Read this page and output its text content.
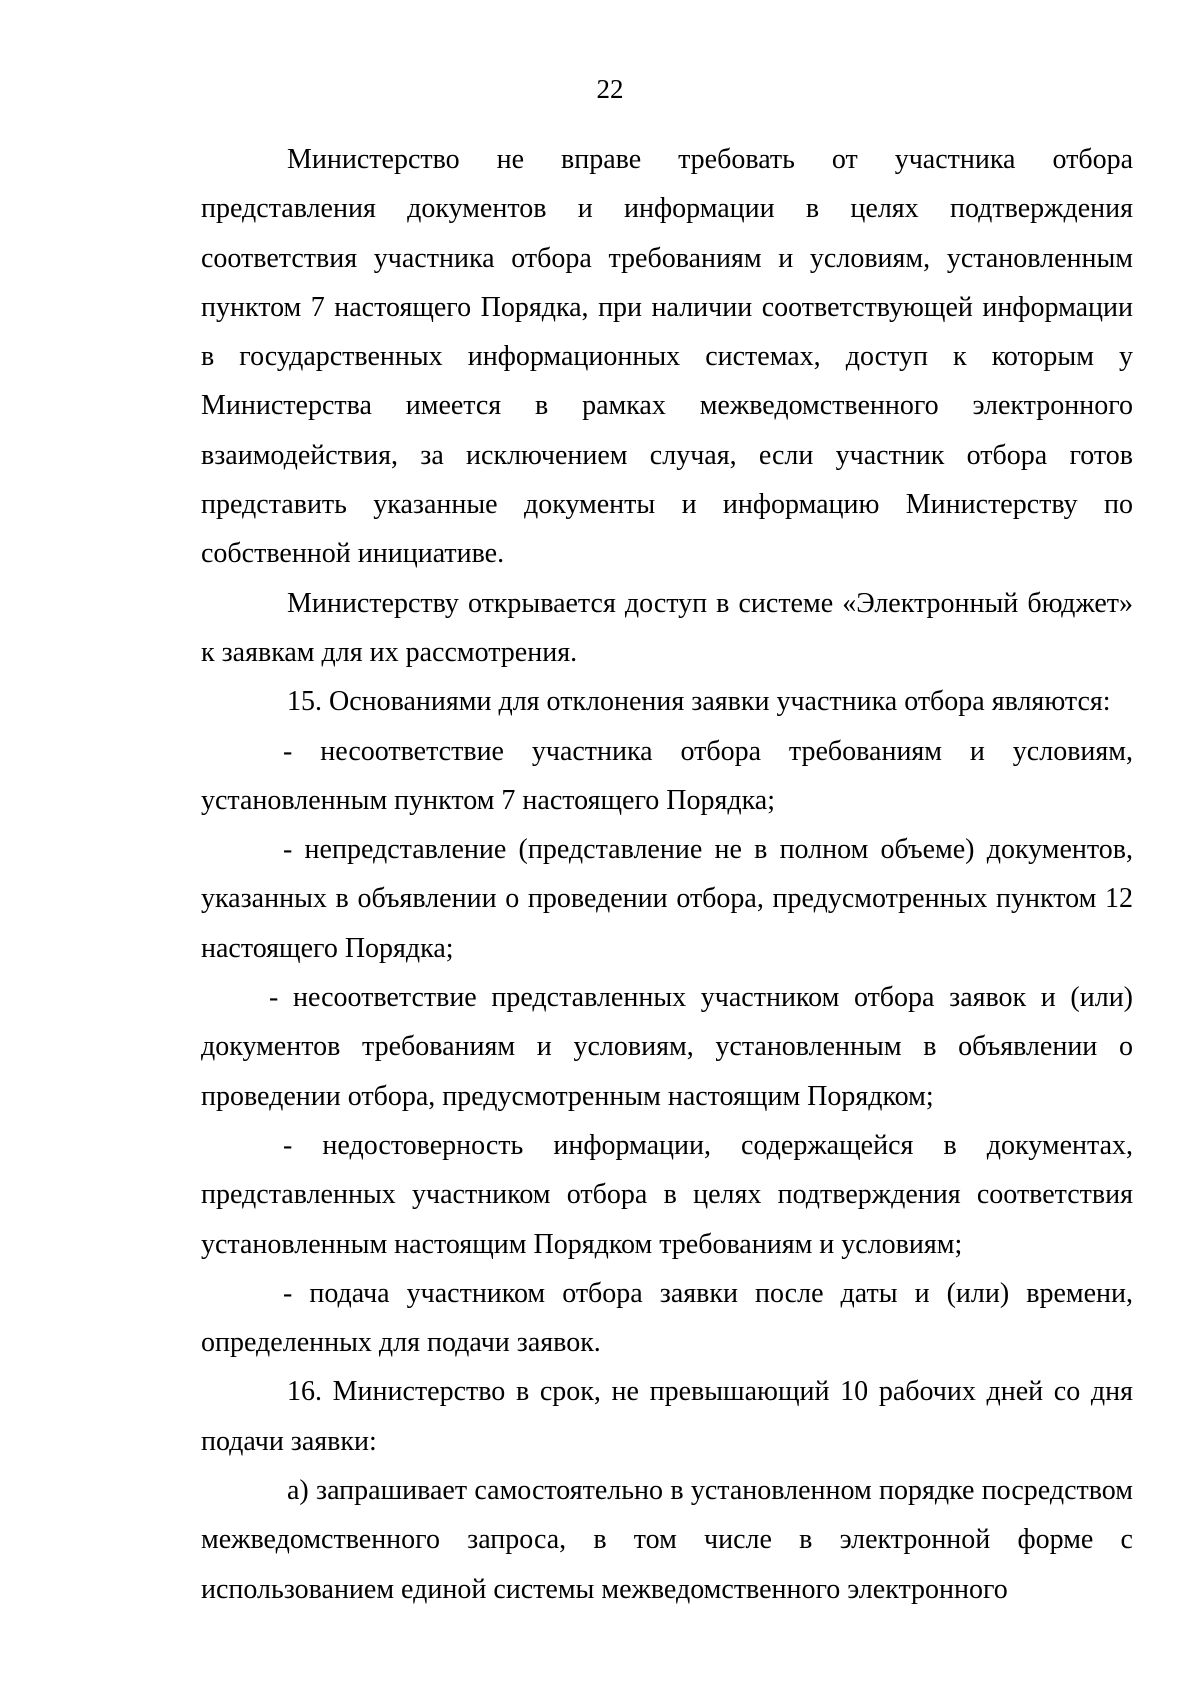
22

Министерство не вправе требовать от участника отбора представления документов и информации в целях подтверждения соответствия участника отбора требованиям и условиям, установленным пунктом 7 настоящего Порядка, при наличии соответствующей информации в государственных информационных системах, доступ к которым у Министерства имеется в рамках межведомственного электронного взаимодействия, за исключением случая, если участник отбора готов представить указанные документы и информацию Министерству по собственной инициативе.

Министерству открывается доступ в системе «Электронный бюджет» к заявкам для их рассмотрения.

15. Основаниями для отклонения заявки участника отбора являются:

- несоответствие участника отбора требованиям и условиям, установленным пунктом 7 настоящего Порядка;

- непредставление (представление не в полном объеме) документов, указанных в объявлении о проведении отбора, предусмотренных пунктом 12 настоящего Порядка;

- несоответствие представленных участником отбора заявок и (или) документов требованиям и условиям, установленным в объявлении о проведении отбора, предусмотренным настоящим Порядком;

- недостоверность информации, содержащейся в документах, представленных участником отбора в целях подтверждения соответствия установленным настоящим Порядком требованиям и условиям;

- подача участником отбора заявки после даты и (или) времени, определенных для подачи заявок.

16. Министерство в срок, не превышающий 10 рабочих дней со дня подачи заявки:

а) запрашивает самостоятельно в установленном порядке посредством межведомственного запроса, в том числе в электронной форме с использованием единой системы межведомственного электронного
